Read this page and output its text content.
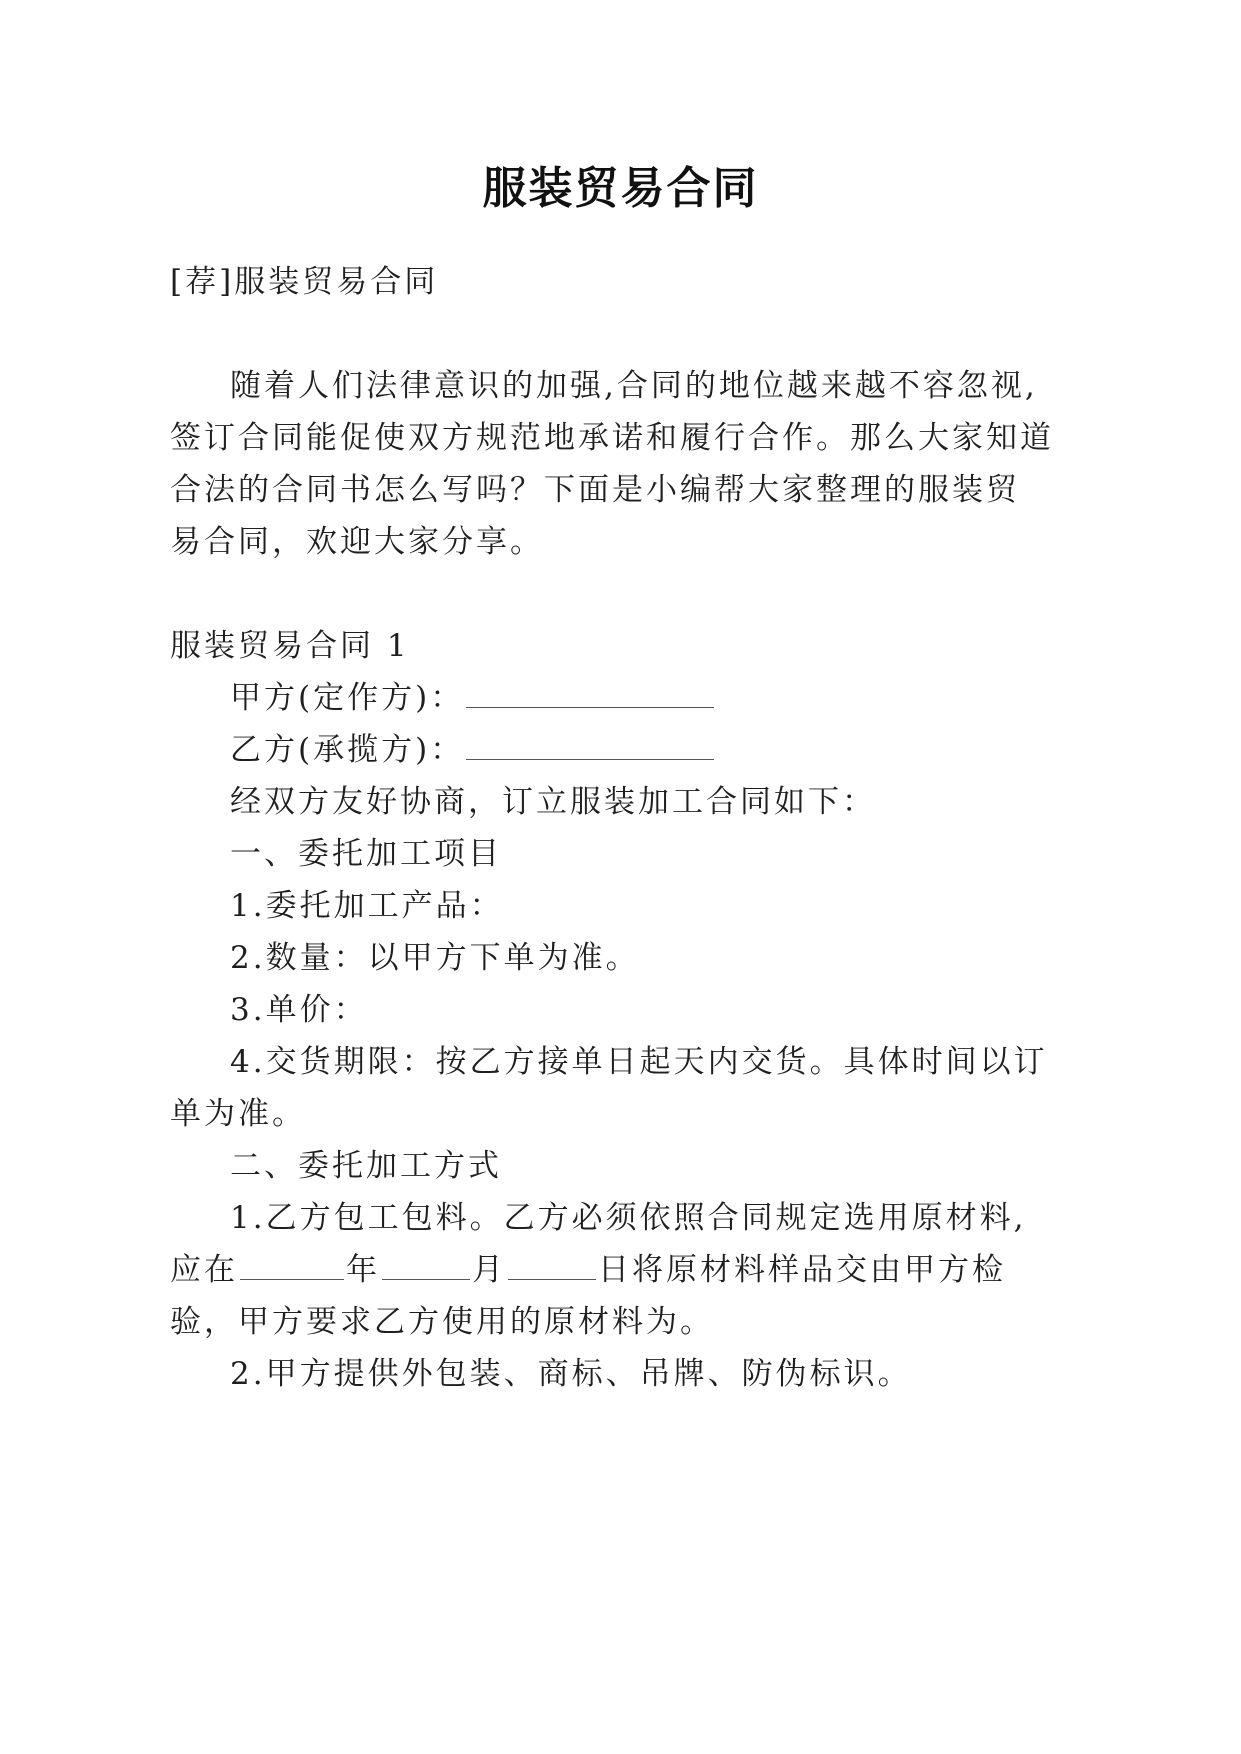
服装贸易合同
[荐]服装贸易合同
随着人们法律意识的加强,合同的地位越来越不容忽视,
签订合同能促使双方规范地承诺和履行合作。那么大家知道
合法的合同书怎么写吗？下面是小编帮大家整理的服装贸
易合同，欢迎大家分享。
服装贸易合同 1
甲方(定作方)：
乙方(承揽方)：
经双方友好协商，订立服装加工合同如下：
一、委托加工项目
1.委托加工产品：
2.数量：以甲方下单为准。
3.单价：
4.交货期限：按乙方接单日起天内交货。具体时间以订
单为准。
二、委托加工方式
1.乙方包工包料。乙方必须依照合同规定选用原材料,
应在	年	月	日将原材料样品交由甲方检
验，甲方要求乙方使用的原材料为。
2.甲方提供外包装、商标、吊牌、防伪标识。
